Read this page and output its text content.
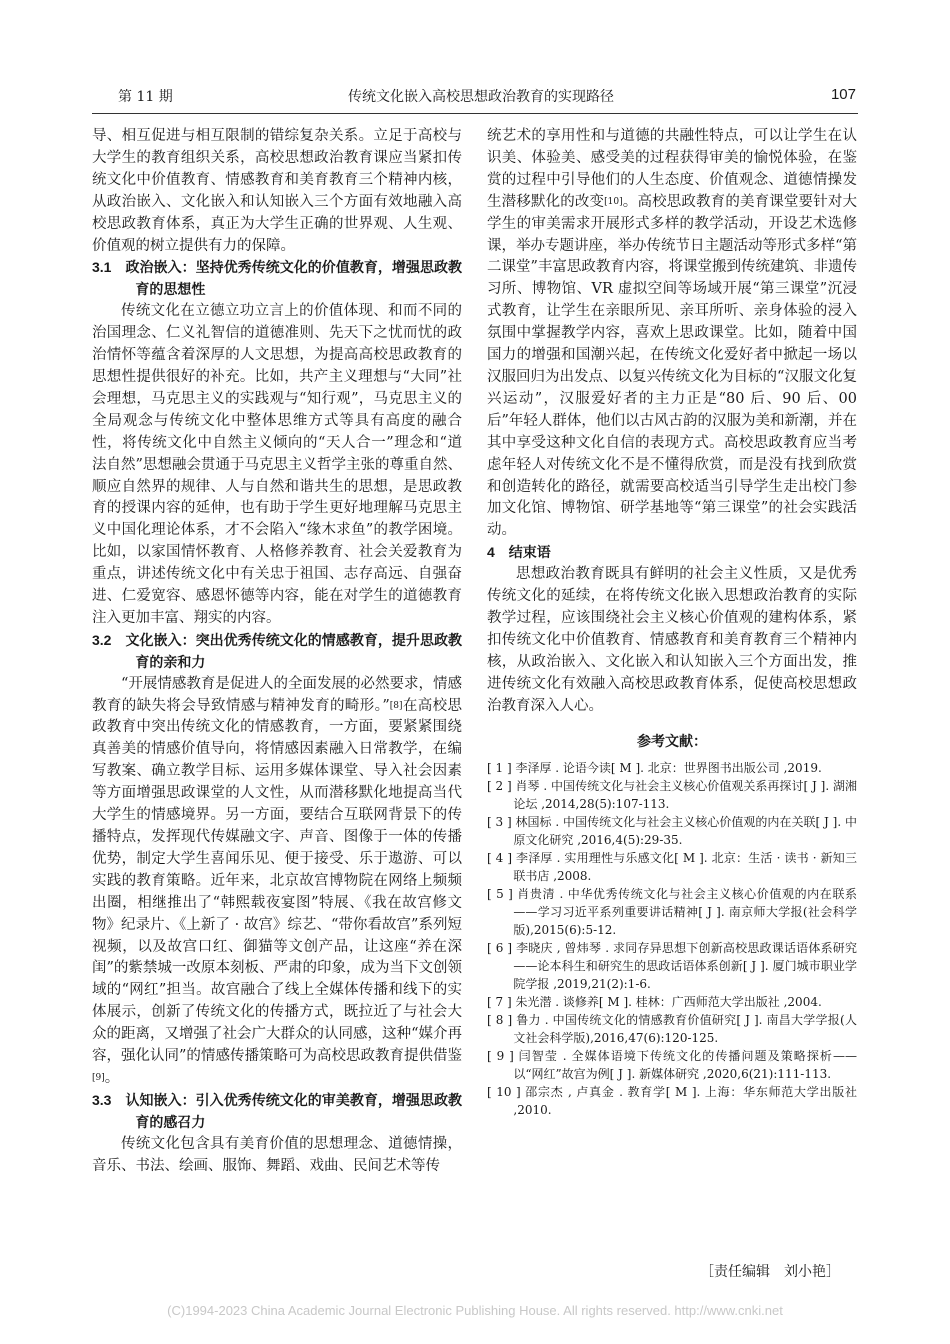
第 11 期	传统文化嵌入高校思想政治教育的实现路径	107

导、相互促进与相互限制的错综复杂关系。立足于高校与大学生的教育组织关系，高校思想政治教育课应当紧扣传统文化中价值教育、情感教育和美育教育三个精神内核，从政治嵌入、文化嵌入和认知嵌入三个方面有效地融入高校思政教育体系，真正为大学生正确的世界观、人生观、价值观的树立提供有力的保障。

3.1　政治嵌入：坚持优秀传统文化的价值教育，增强思政教育的思想性

传统文化在立德立功立言上的价值体现、和而不同的治国理念、仁义礼智信的道德准则、先天下之忧而忧的政治情怀等蕴含着深厚的人文思想，为提高高校思政教育的思想性提供很好的补充。比如，共产主义理想与“大同”社会理想，马克思主义的实践观与“知行观”，马克思主义的全局观念与传统文化中整体思维方式等具有高度的融合性，将传统文化中自然主义倾向的“天人合一”理念和“道法自然”思想融会贯通于马克思主义哲学主张的尊重自然、顺应自然界的规律、人与自然和谐共生的思想，是思政教育的授课内容的延伸，也有助于学生更好地理解马克思主义中国化理论体系，才不会陷入“缘木求鱼”的教学困境。比如，以家国情怀教育、人格修养教育、社会关爱教育为重点，讲述传统文化中有关忠于祖国、志存高远、自强奋进、仁爱宽容、感恩怀德等内容，能在对学生的道德教育注入更加丰富、翔实的内容。

3.2　文化嵌入：突出优秀传统文化的情感教育，提升思政教育的亲和力

“开展情感教育是促进人的全面发展的必然要求，情感教育的缺失将会导致情感与精神发育的畸形。”[8]在高校思政教育中突出传统文化的情感教育，一方面，要紧紧围绕真善美的情感价值导向，将情感因素融入日常教学，在编写教案、确立教学目标、运用多媒体课堂、导入社会因素等方面增强思政课堂的人文性，从而潜移默化地提高当代大学生的情感境界。另一方面，要结合互联网背景下的传播特点，发挥现代传媒融文字、声音、图像于一体的传播优势，制定大学生喜闻乐见、便于接受、乐于遨游、可以实践的教育策略。近年来，北京故宫博物院在网络上频频出圈，相继推出了“韩熙载夜宴图”特展、《我在故宫修文物》纪录片、《上新了 · 故宫》综艺、“带你看故宫”系列短视频，以及故宫口红、御猫等文创产品，让这座“养在深闺”的紫禁城一改原本刻板、严肃的印象，成为当下文创领域的“网红”担当。故宫融合了线上全媒体传播和线下的实体展示，创新了传统文化的传播方式，既拉近了与社会大众的距离，又增强了社会广大群众的认同感，这种“媒介再容，强化认同”的情感传播策略可为高校思政教育提供借鉴[9]。

3.3　认知嵌入：引入优秀传统文化的审美教育，增强思政教育的感召力

传统文化包含具有美育价值的思想理念、道德情操，音乐、书法、绘画、服饰、舞蹈、戏曲、民间艺术等传

统艺术的享用性和与道德的共融性特点，可以让学生在认识美、体验美、感受美的过程获得审美的愉悦体验，在鉴赏的过程中引导他们的人生态度、价值观念、道德情操发生潜移默化的改变[10]。高校思政教育的美育课堂要针对大学生的审美需求开展形式多样的教学活动，开设艺术选修课，举办专题讲座，举办传统节日主题活动等形式多样“第二课堂”丰富思政教育内容，将课堂搬到传统建筑、非遗传习所、博物馆、VR 虚拟空间等场域开展“第三课堂”沉浸式教育，让学生在亲眼所见、亲耳所听、亲身体验的浸入氛围中掌握教学内容，喜欢上思政课堂。比如，随着中国国力的增强和国潮兴起，在传统文化爱好者中掀起一场以汉服回归为出发点、以复兴传统文化为目标的“汉服文化复兴运动”，汉服爱好者的主力正是“80 后、90 后、00 后”年轻人群体，他们以古风古韵的汉服为美和新潮，并在其中享受这种文化自信的表现方式。高校思政教育应当考虑年轻人对传统文化不是不懂得欣赏，而是没有找到欣赏和创造转化的路径，就需要高校适当引导学生走出校门参加文化馆、博物馆、研学基地等“第三课堂”的社会实践活动。

4　结束语

思想政治教育既具有鲜明的社会主义性质，又是优秀传统文化的延续，在将传统文化嵌入思想政治教育的实际教学过程，应该围绕社会主义核心价值观的建构体系，紧扣传统文化中价值教育、情感教育和美育教育三个精神内核，从政治嵌入、文化嵌入和认知嵌入三个方面出发，推进传统文化有效融入高校思政教育体系，促使高校思想政治教育深入人心。

参考文献：

[ 1 ] 李泽厚 . 论语今读[ M ]. 北京：世界图书出版公司 ,2019.

[ 2 ] 肖琴 . 中国传统文化与社会主义核心价值观关系再探讨[ J ]. 湖湘论坛 ,2014,28(5):107-113.

[ 3 ] 林国标 . 中国传统文化与社会主义核心价值观的内在关联[ J ]. 中原文化研究 ,2016,4(5):29-35.

[ 4 ] 李泽厚 . 实用理性与乐感文化[ M ]. 北京：生活 · 读书 · 新知三联书店 ,2008.

[ 5 ] 肖贵清 . 中华优秀传统文化与社会主义核心价值观的内在联系——学习习近平系列重要讲话精神[ J ]. 南京师大学报(社会科学版),2015(6):5-12.

[ 6 ] 李晓庆 , 曾炜琴 . 求同存异思想下创新高校思政课话语体系研究——论本科生和研究生的思政话语体系创新[ J ]. 厦门城市职业学院学报 ,2019,21(2):1-6.

[ 7 ] 朱光潜 . 谈修养[ M ]. 桂林：广西师范大学出版社 ,2004.

[ 8 ] 鲁力 . 中国传统文化的情感教育价值研究[ J ]. 南昌大学学报(人文社会科学版),2016,47(6):120-125.

[ 9 ] 闫智莹 . 全媒体语境下传统文化的传播问题及策略探析——以“网红”故宫为例[ J ]. 新媒体研究 ,2020,6(21):111-113.

[ 10 ] 邵宗杰 , 卢真金 . 教育学[ M ]. 上海：华东师范大学出版社 ,2010.

［责任编辑　刘小艳］
(C)1994-2023 China Academic Journal Electronic Publishing House. All rights reserved. http://www.cnki.net
